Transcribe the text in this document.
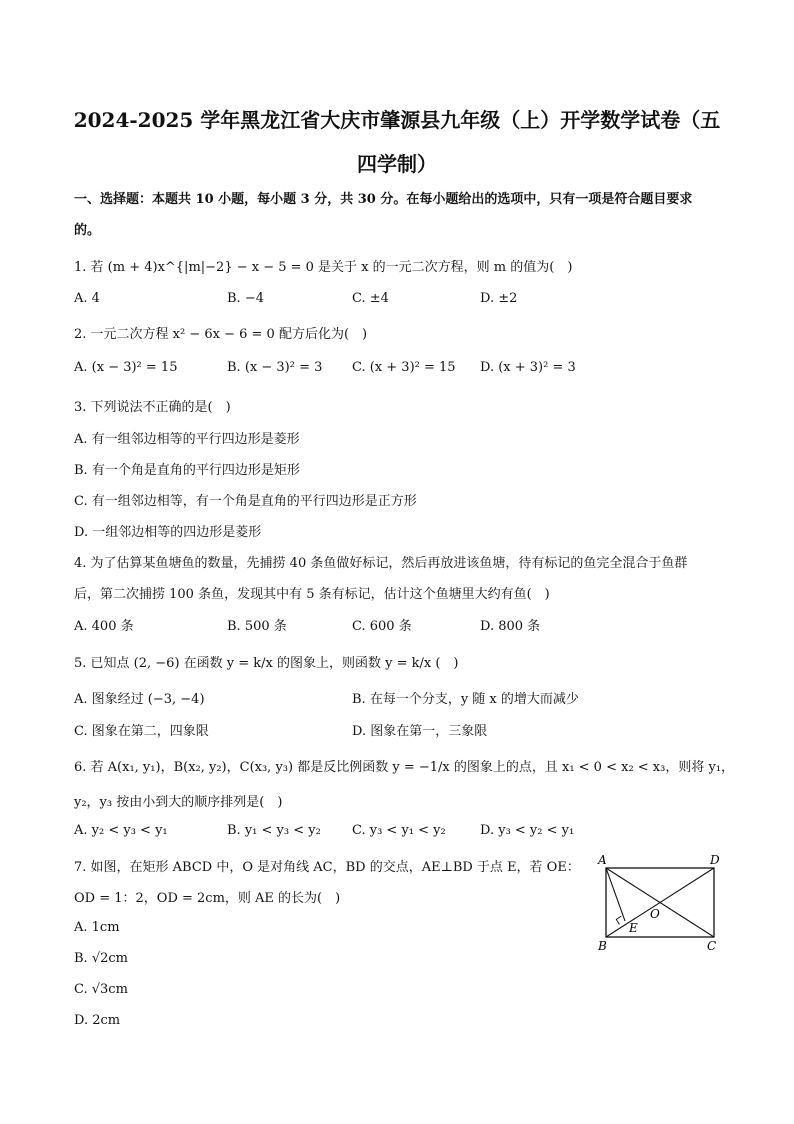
2024-2025 学年黑龙江省大庆市肇源县九年级（上）开学数学试卷（五
四学制）
一、选择题：本题共 10 小题，每小题 3 分，共 30 分。在每小题给出的选项中，只有一项是符合题目要求
的。
1. 若 (m + 4)x^{|m|−2} − x − 5 = 0 是关于 x 的一元二次方程，则 m 的值为(　)
A. 4	B. −4	C. ±4	D. ±2
2. 一元二次方程 x² − 6x − 6 = 0 配方后化为(　)
A. (x − 3)² = 15	B. (x − 3)² = 3 C. (x + 3)² = 15 D. (x + 3)² = 3
3. 下列说法不正确的是(　)
A. 有一组邻边相等的平行四边形是菱形
B. 有一个角是直角的平行四边形是矩形
C. 有一组邻边相等，有一个角是直角的平行四边形是正方形
D. 一组邻边相等的四边形是菱形
4. 为了估算某鱼塘鱼的数量，先捕捞 40 条鱼做好标记，然后再放进该鱼塘，待有标记的鱼完全混合于鱼群
后，第二次捕捞 100 条鱼，发现其中有 5 条有标记，估计这个鱼塘里大约有鱼(　)
A. 400 条	B. 500 条	C. 600 条	D. 800 条
5. 已知点 (2, −6) 在函数 y = k/x 的图象上，则函数 y = k/x (　)
A. 图象经过 (−3, −4)	B. 在每一个分支，y 随 x 的增大而减少
C. 图象在第二，四象限	D. 图象在第一，三象限
6. 若 A(x₁, y₁)，B(x₂, y₂)，C(x₃, y₃) 都是反比例函数 y = −1/x 的图象上的点，且 x₁ < 0 < x₂ < x₃，则将 y₁，
y₂，y₃ 按由小到大的顺序排列是(　)
A. y₂ < y₃ < y₁	B. y₁ < y₃ < y₂ C. y₃ < y₁ < y₂	D. y₃ < y₂ < y₁
7. 如图，在矩形 ABCD 中，O 是对角线 AC，BD 的交点，AE⊥BD 于点 E，若 OE：
OD = 1：2，OD = 2cm，则 AE 的长为(　)
A. 1cm
B. √2cm
C. √3cm
D. 2cm
A	D
B	C
O
E
